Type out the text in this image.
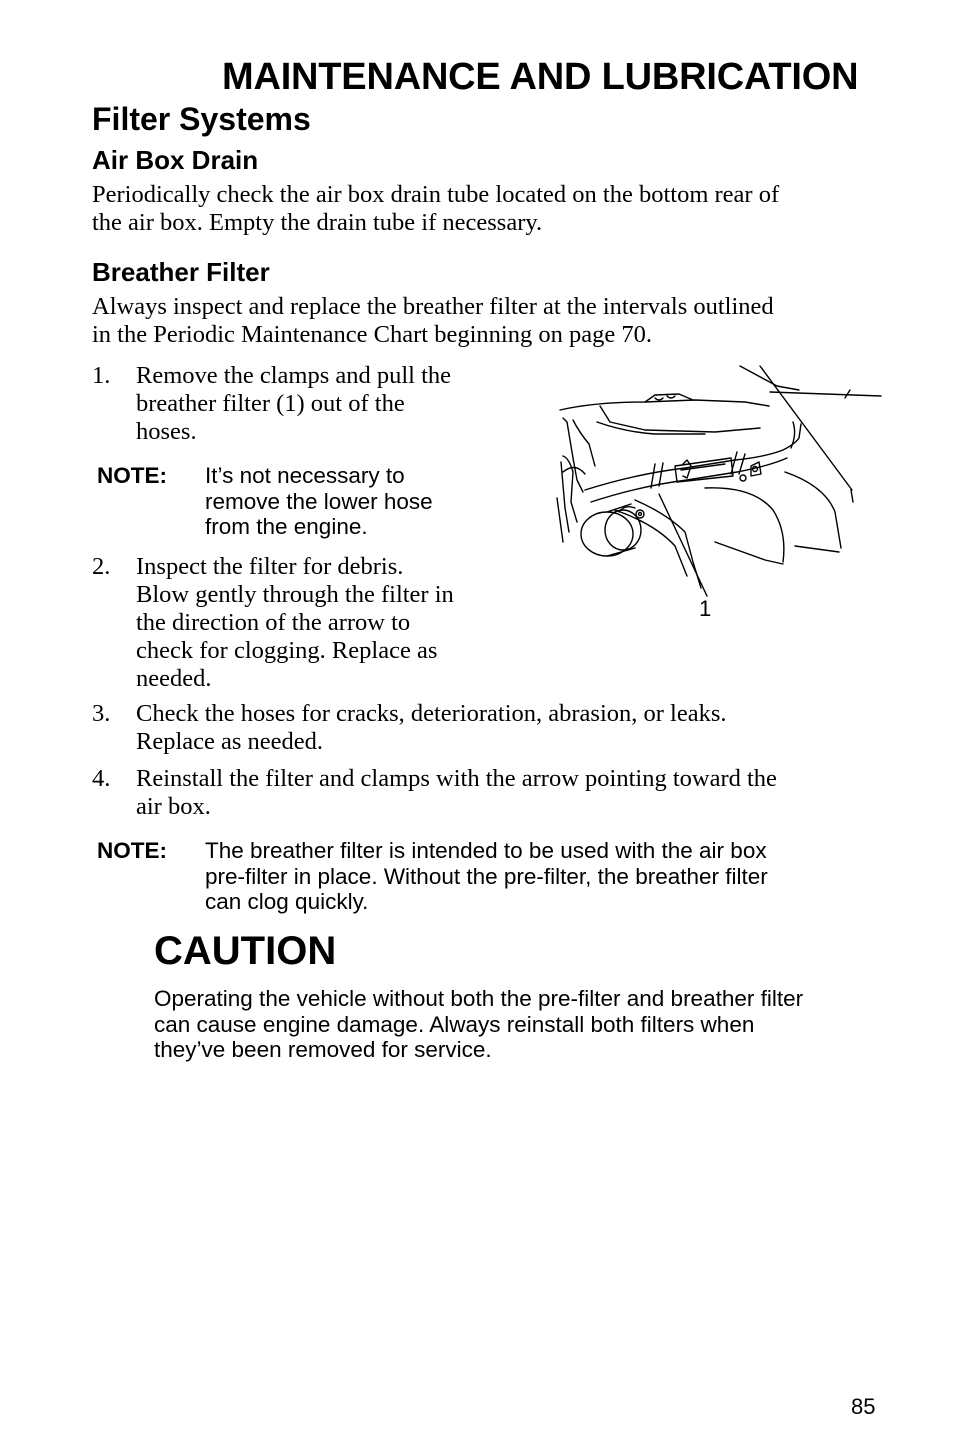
MAINTENANCE AND LUBRICATION
Filter Systems
Air Box Drain

Periodically check the air box drain tube located on the bottom rear of
the air box. Empty the drain tube if necessary.

Breather Filter

Always inspect and replace the breather filter at the intervals outlined
in the Periodic Maintenance Chart beginning on page 70.

1. Remove the clamps and pull the
breather filter (1) out of the
hoses.
NOTE: It’s not necessary to
remove the lower hose
from the engine.
2. Inspect the filter for debris.
Blow gently through the filter in
the direction of the arrow to
check for clogging. Replace as
needed.
3. Check the hoses for cracks, deterioration, abrasion, or leaks.
Replace as needed.
4. Reinstall the filter and clamps with the arrow pointing toward the
air box.
NOTE: The breather filter is intended to be used with the air box
pre-filter in place. Without the pre-filter, the breather filter
can clog quickly.
CAUTION

Operating the vehicle without both the pre-filter and breather filter
can cause engine damage. Always reinstall both filters when
they’ve been removed for service.

1
85
